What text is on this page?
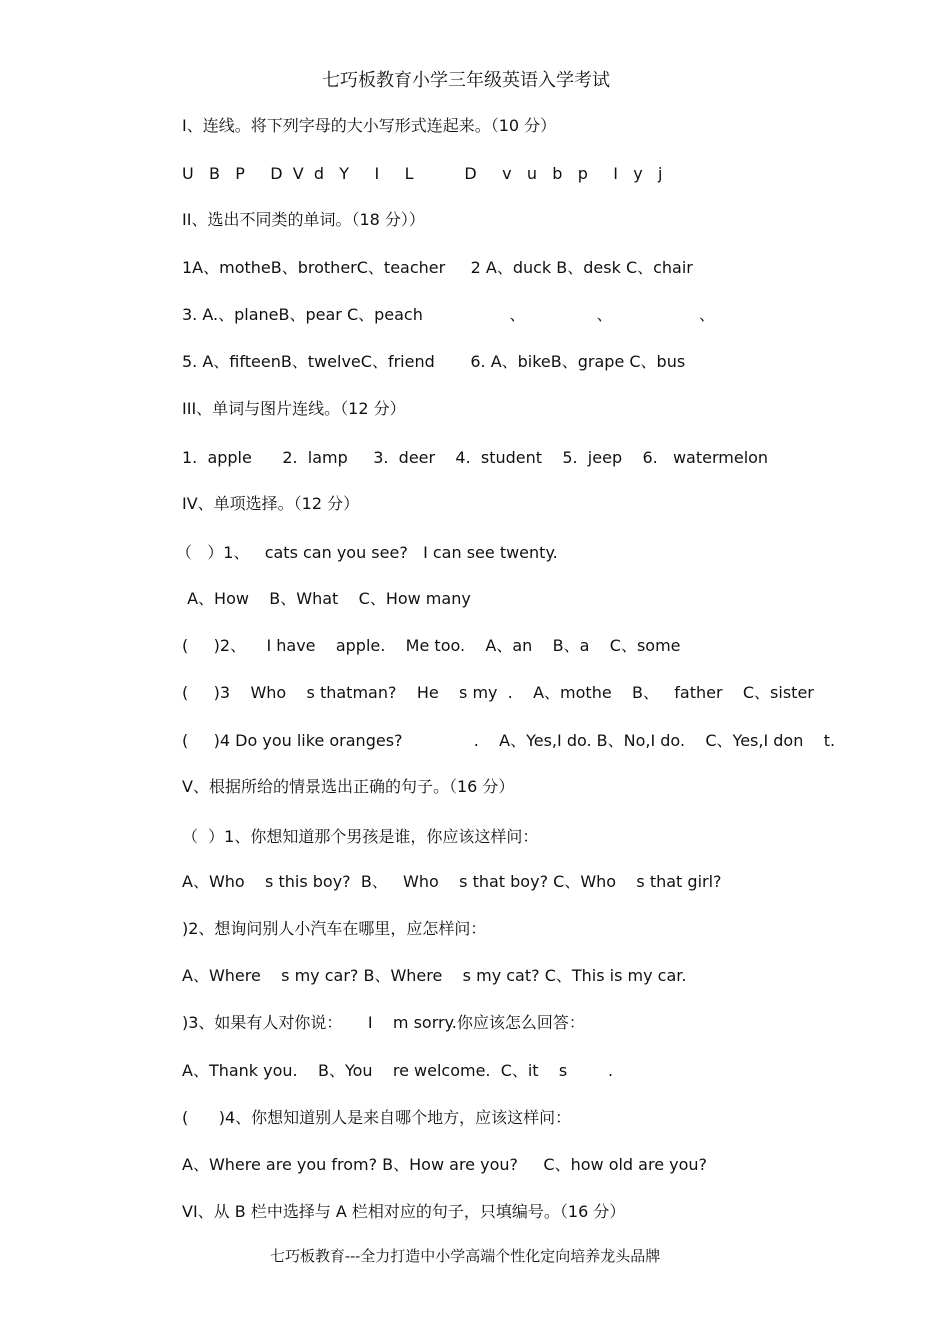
七巧板教育小学三年级英语入学考试
I、连线。将下列字母的大小写形式连起来。（10 分）
U   B   P     D  V  d   Y     I     L          D     v   u   b   p     I   y   j
II、选出不同类的单词。（18 分））
1A、motheB、brotherC、teacher     2 A、duck B、desk C、chair
3. A.、planeB、pear C、peach                 、              、                 、
5. A、fifteenB、twelveC、friend       6. A、bikeB、grape C、bus
III、单词与图片连线。（12 分）
1.  apple      2.  lamp     3.  deer    4.  student    5.  jeep    6.   watermelon
IV、单项选择。（12 分）
（   ）1、   cats can you see?   I can see twenty.
A、How    B、What    C、How many
(     )2、    I have    apple.    Me too.    A、an    B、a    C、some
(     )3    Who    s thatman?    He    s my  .    A、mothe    B、   father    C、sister
(     )4 Do you like oranges?              .    A、Yes,I do. B、No,I do.    C、Yes,I don    t.
V、根据所给的情景选出正确的句子。（16 分）
（  ）1、你想知道那个男孩是谁，你应该这样问：
A、Who    s this boy?  B、   Who    s that boy? C、Who    s that girl?
)2、想询问别人小汽车在哪里，应怎样问：
A、Where    s my car? B、Where    s my cat? C、This is my car.
)3、如果有人对你说：     I    m sorry.你应该怎么回答：
A、Thank you.    B、You    re welcome.  C、it    s        .
(      )4、你想知道别人是来自哪个地方，应该这样问：
A、Where are you from? B、How are you?     C、how old are you?
VI、从 B 栏中选择与 A 栏相对应的句子，只填编号。（16 分）
七巧板教育---全力打造中小学高端个性化定向培养龙头品牌
